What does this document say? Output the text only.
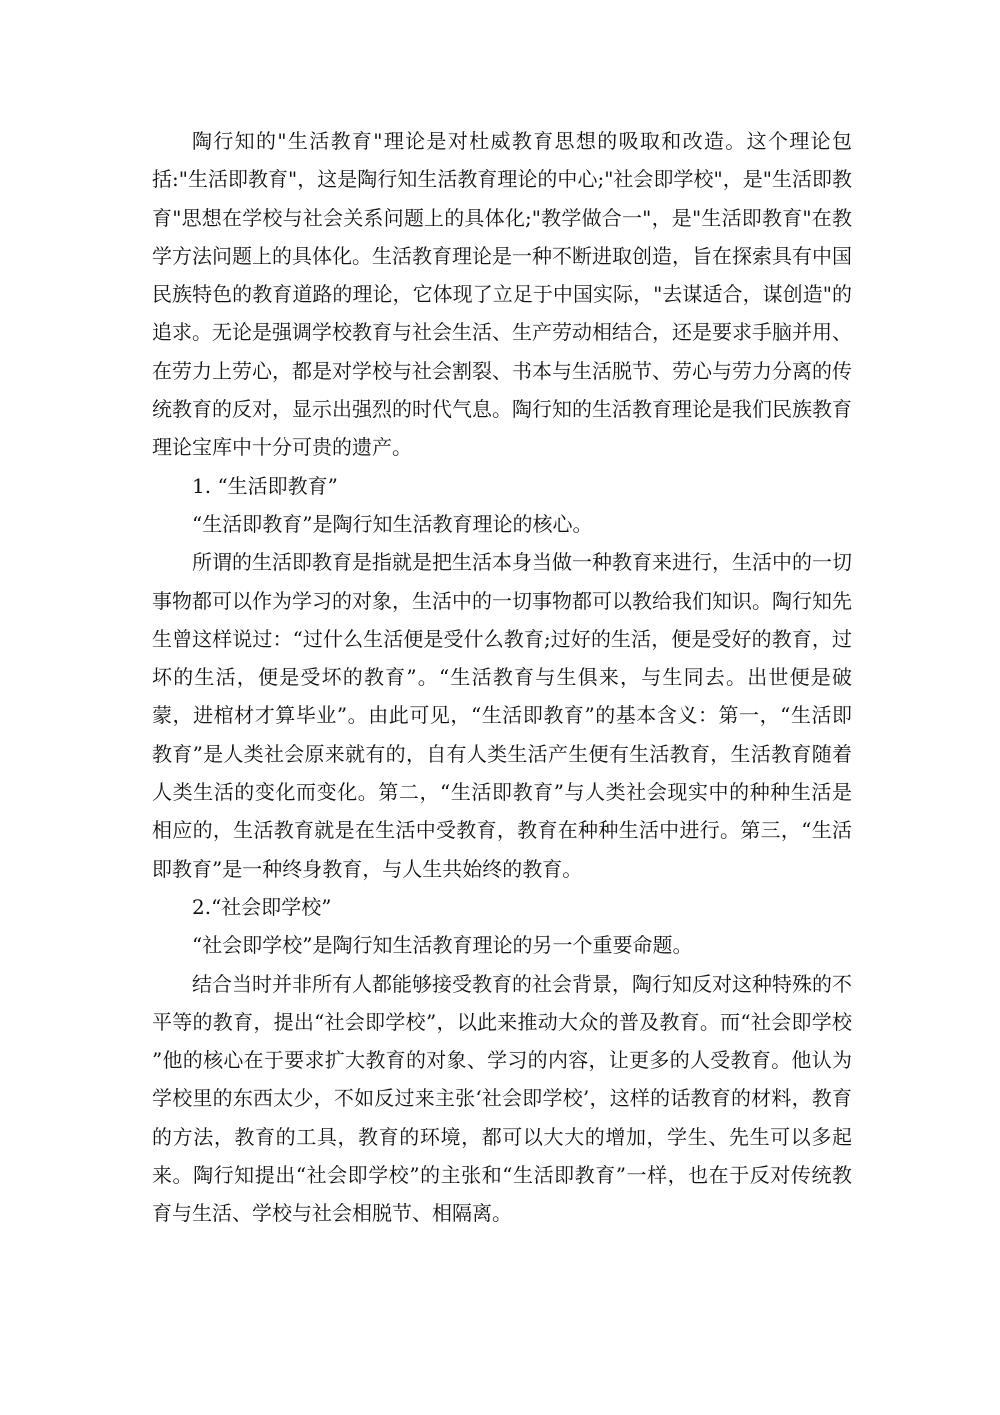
陶行知的"生活教育"理论是对杜威教育思想的吸取和改造。这个理论包括:"生活即教育"，这是陶行知生活教育理论的中心;"社会即学校"，是"生活即教育"思想在学校与社会关系问题上的具体化;"教学做合一"，是"生活即教育"在教学方法问题上的具体化。生活教育理论是一种不断进取创造，旨在探索具有中国民族特色的教育道路的理论，它体现了立足于中国实际，"去谋适合，谋创造"的追求。无论是强调学校教育与社会生活、生产劳动相结合，还是要求手脑并用、在劳力上劳心，都是对学校与社会割裂、书本与生活脱节、劳心与劳力分离的传统教育的反对，显示出强烈的时代气息。陶行知的生活教育理论是我们民族教育理论宝库中十分可贵的遗产。

1. “生活即教育”

“生活即教育”是陶行知生活教育理论的核心。

所谓的生活即教育是指就是把生活本身当做一种教育来进行，生活中的一切事物都可以作为学习的对象，生活中的一切事物都可以教给我们知识。陶行知先生曾这样说过：“过什么生活便是受什么教育;过好的生活，便是受好的教育，过坏的生活，便是受坏的教育”。“生活教育与生俱来，与生同去。出世便是破蒙，进棺材才算毕业”。由此可见，“生活即教育”的基本含义：第一，“生活即教育”是人类社会原来就有的，自有人类生活产生便有生活教育，生活教育随着人类生活的变化而变化。第二，“生活即教育”与人类社会现实中的种种生活是相应的，生活教育就是在生活中受教育，教育在种种生活中进行。第三，“生活即教育”是一种终身教育，与人生共始终的教育。

2.“社会即学校”

“社会即学校”是陶行知生活教育理论的另一个重要命题。

结合当时并非所有人都能够接受教育的社会背景，陶行知反对这种特殊的不平等的教育，提出“社会即学校”，以此来推动大众的普及教育。而“社会即学校 ”他的核心在于要求扩大教育的对象、学习的内容，让更多的人受教育。他认为学校里的东西太少，不如反过来主张‘社会即学校’，这样的话教育的材料，教育的方法，教育的工具，教育的环境，都可以大大的增加，学生、先生可以多起来。陶行知提出“社会即学校”的主张和“生活即教育”一样，也在于反对传统教育与生活、学校与社会相脱节、相隔离。
